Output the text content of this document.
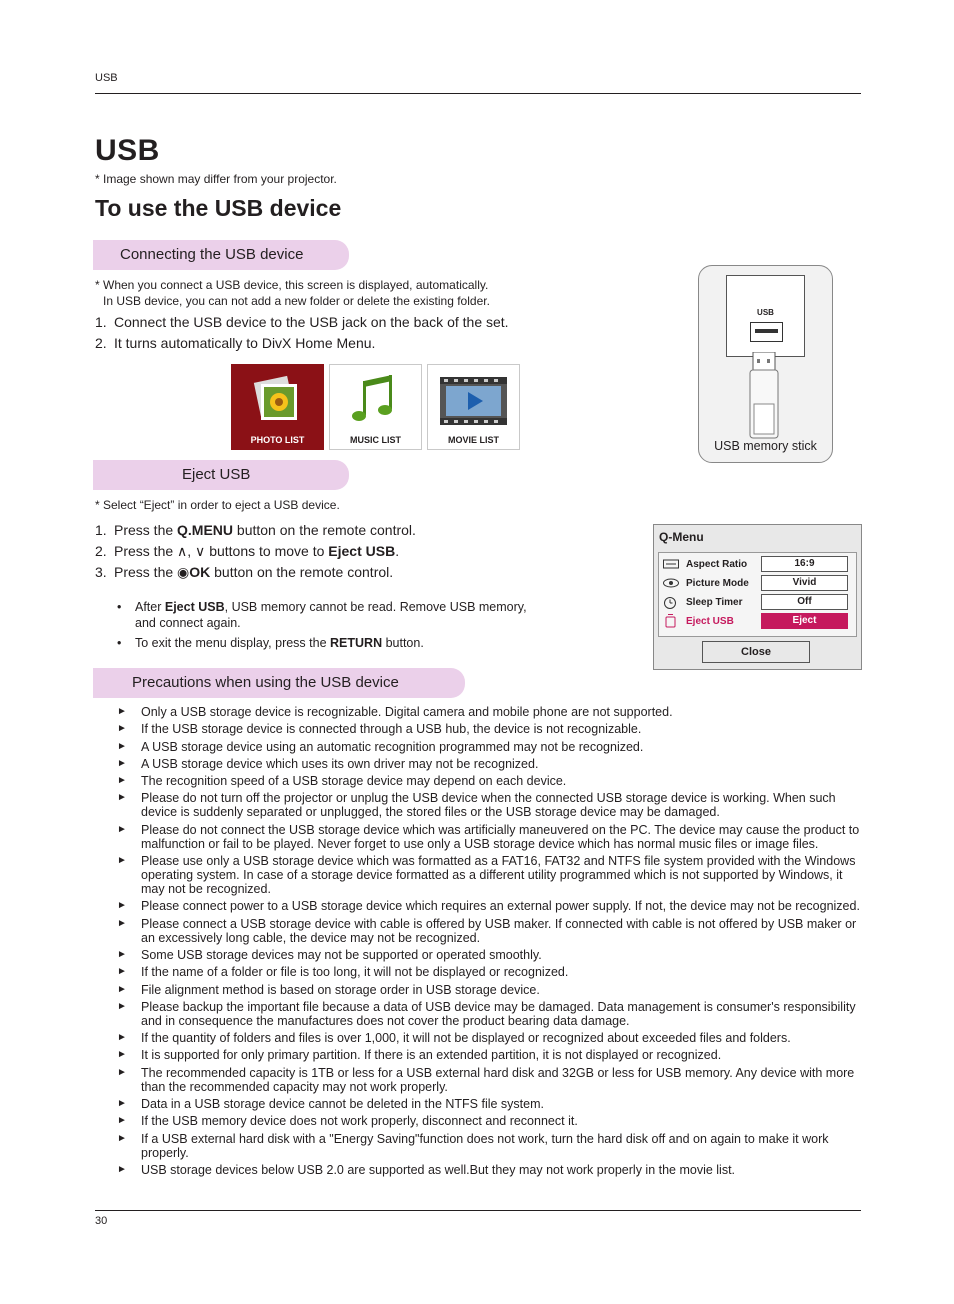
USB
USB
* Image shown may differ from your projector.
To use the USB device
Connecting the USB device
* When you connect a USB device, this screen is displayed, automatically.
In USB device, you can not add a new folder or delete the existing folder.
1. Connect the USB device to the USB jack on the back of the set.
2. It turns automatically to DivX Home Menu.
PHOTO LIST	MUSIC LIST	MOVIE LIST
USB
USB memory stick
Eject USB
* Select “Eject” in order to eject a USB device.
1. Press the Q.MENU button on the remote control.
2. Press the ∧, ∨ buttons to move to Eject USB.
3. Press the ◉OK button on the remote control.
•	After Eject USB, USB memory cannot be read. Remove USB memory,
and connect again.
•	To exit the menu display, press the RETURN button.
Q-Menu
Aspect Ratio	16:9
Picture Mode	Vivid
Sleep Timer	Off
Eject USB	Eject
Close
Precautions when using the USB device
► Only a USB storage device is recognizable. Digital camera and mobile phone are not supported.
► If the USB storage device is connected through a USB hub, the device is not recognizable.
► A USB storage device using an automatic recognition programmed may not be recognized.
► A USB storage device which uses its own driver may not be recognized.
► The recognition speed of a USB storage device may depend on each device.
► Please do not turn off the projector or unplug the USB device when the connected USB storage device is working. When such device is suddenly separated or unplugged, the stored files or the USB storage device may be damaged.
► Please do not connect the USB storage device which was artificially maneuvered on the PC. The device may cause the product to malfunction or fail to be played. Never forget to use only a USB storage device which has normal music files or image files.
► Please use only a USB storage device which was formatted as a FAT16, FAT32 and NTFS file system provided with the Windows operating system. In case of a storage device formatted as a different utility programmed which is not supported by Windows, it may not be recognized.
► Please connect power to a USB storage device which requires an external power supply. If not, the device may not be recognized.
► Please connect a USB storage device with cable is offered by USB maker. If connected with cable is not offered by USB maker or an excessively long cable, the device may not be recognized.
► Some USB storage devices may not be supported or operated smoothly.
► If the name of a folder or file is too long, it will not be displayed or recognized.
► File alignment method is based on storage order in USB storage device.
► Please backup the important file because a data of USB device may be damaged. Data management is consumer's responsibility and in consequence the manufactures does not cover the product bearing data damage.
► If the quantity of folders and files is over 1,000, it will not be displayed or recognized about exceeded files and folders.
► It is supported for only primary partition. If there is an extended partition, it is not displayed or recognized.
► The recommended capacity is 1TB or less for a USB external hard disk and 32GB or less for USB memory. Any device with more than the recommended capacity may not work properly.
► Data in a USB storage device cannot be deleted in the NTFS file system.
► If the USB memory device does not work properly, disconnect and reconnect it.
► If a USB external hard disk with a "Energy Saving"function does not work, turn the hard disk off and on again to make it work properly.
► USB storage devices below USB 2.0 are supported as well.But they may not work properly in the movie list.
30
